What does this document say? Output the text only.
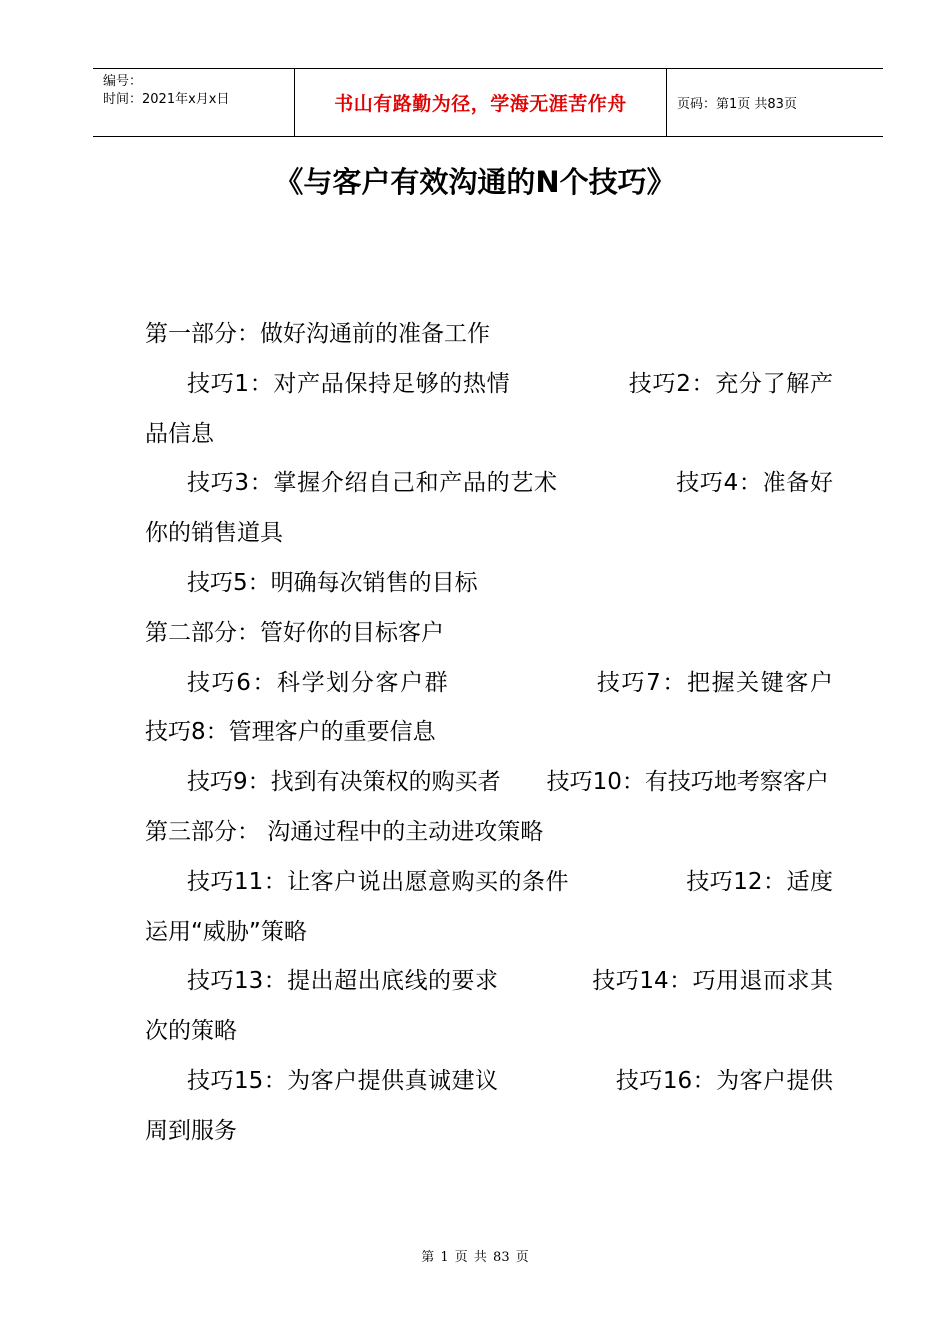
编号：
时间：2021年x月x日	书山有路勤为径，学海无涯苦作舟	页码：第1页 共83页
《与客户有效沟通的N个技巧》

第一部分：做好沟通前的准备工作

技巧1：对产品保持足够的热情　　　　　技巧2：充分了解产品信息

技巧3：掌握介绍自己和产品的艺术　　　　　技巧4：准备好你的销售道具

技巧5：明确每次销售的目标

第二部分：管好你的目标客户

技巧6：科学划分客户群　　　　　　技巧7：把握关键客户　　　　　技巧8：管理客户的重要信息

技巧9：找到有决策权的购买者　　技巧10：有技巧地考察客户

第三部分： 沟通过程中的主动进攻策略

技巧11：让客户说出愿意购买的条件　　　　　技巧12：适度运用“威胁”策略

技巧13：提出超出底线的要求　　　　技巧14：巧用退而求其次的策略

技巧15：为客户提供真诚建议　　　　　技巧16：为客户提供周到服务

第 1 页 共 83 页
